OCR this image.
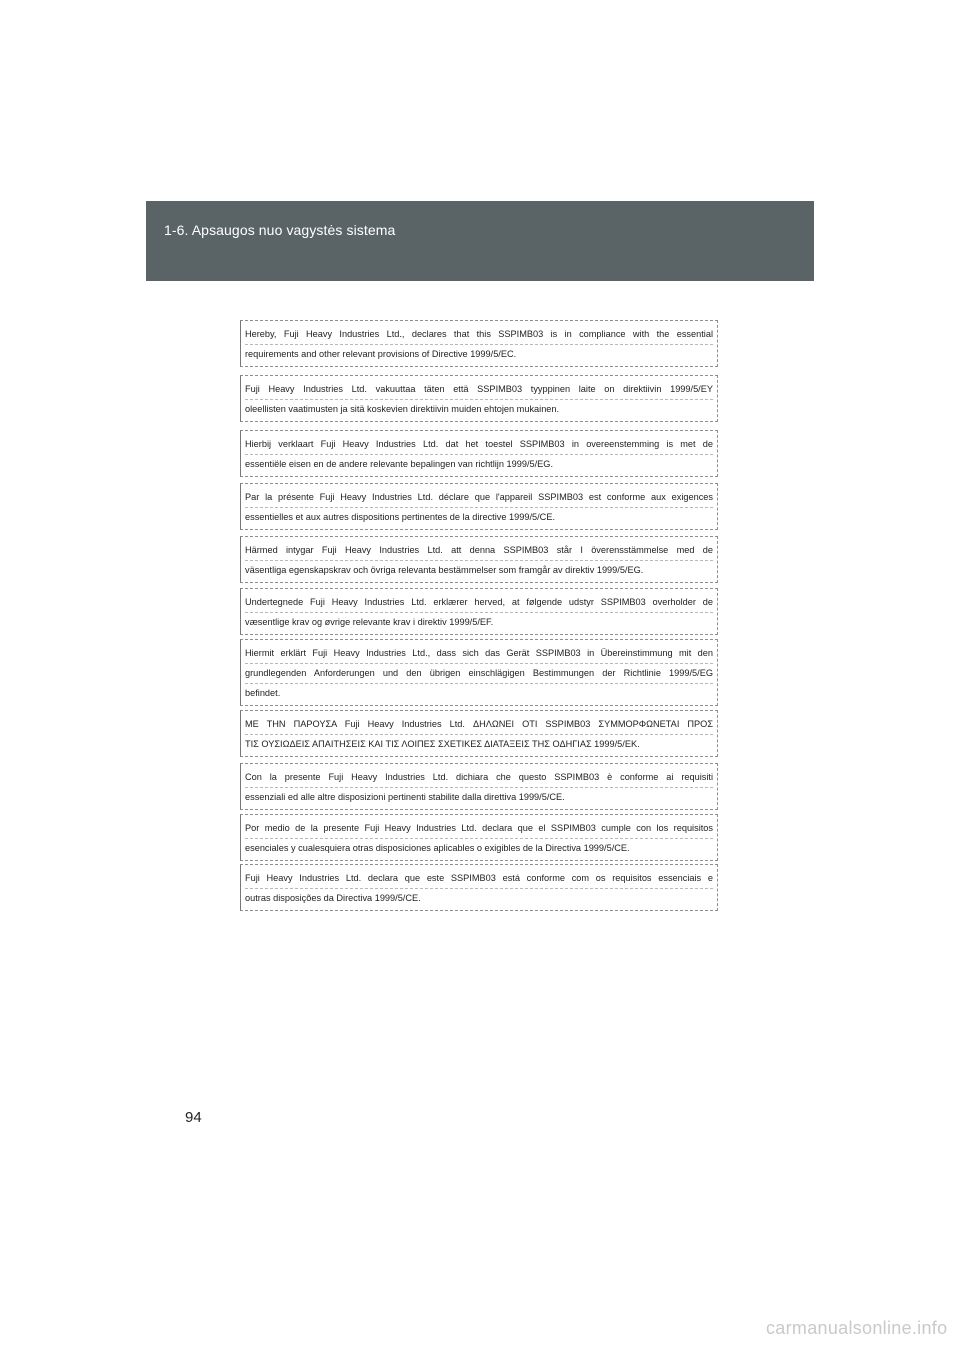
1-6. Apsaugos nuo vagystės sistema
Hereby, Fuji Heavy Industries Ltd., declares that this SSPIMB03 is in compliance with the essential
requirements and other relevant provisions of Directive 1999/5/EC.
Fuji Heavy Industries Ltd. vakuuttaa täten että SSPIMB03 tyyppinen laite on direktiivin 1999/5/EY
oleellisten vaatimusten ja sitä koskevien direktiivin muiden ehtojen mukainen.
Hierbij verklaart Fuji Heavy Industries Ltd. dat het toestel SSPIMB03 in overeenstemming is met de
essentiële eisen en de andere relevante bepalingen van richtlijn 1999/5/EG.
Par la présente Fuji Heavy Industries Ltd. déclare que l'appareil SSPIMB03 est conforme aux exigences
essentielles et aux autres dispositions pertinentes de la directive 1999/5/CE.
Härmed intygar Fuji Heavy Industries Ltd. att denna SSPIMB03 står I överensstämmelse med de
väsentliga egenskapskrav och övriga relevanta bestämmelser som framgår av direktiv 1999/5/EG.
Undertegnede Fuji Heavy Industries Ltd. erklærer herved, at følgende udstyr SSPIMB03 overholder de
væsentlige krav og øvrige relevante krav i direktiv 1999/5/EF.
Hiermit erklärt Fuji Heavy Industries Ltd., dass sich das Gerät SSPIMB03 in Übereinstimmung mit den
grundlegenden Anforderungen und den übrigen einschlägigen Bestimmungen der Richtlinie 1999/5/EG
befindet.
ΜΕ ΤΗΝ ΠΑΡΟΥΣΑ Fuji Heavy Industries Ltd. ΔΗΛΩΝΕΙ ΟΤΙ SSPIMB03 ΣΥΜΜΟΡΦΩΝΕΤΑΙ ΠΡΟΣ
ΤΙΣ ΟΥΣΙΩΔΕΙΣ ΑΠΑΙΤΗΣΕΙΣ ΚΑΙ ΤΙΣ ΛΟΙΠΕΣ ΣΧΕΤΙΚΕΣ ΔΙΑΤΑΞΕΙΣ ΤΗΣ ΟΔΗΓΙΑΣ 1999/5/ΕΚ.
Con la presente Fuji Heavy Industries Ltd. dichiara che questo SSPIMB03 è conforme ai requisiti
essenziali ed alle altre disposizioni pertinenti stabilite dalla direttiva 1999/5/CE.
Por medio de la presente Fuji Heavy Industries Ltd. declara que el SSPIMB03 cumple con los requisitos
esenciales y cualesquiera otras disposiciones aplicables o exigibles de la Directiva 1999/5/CE.
Fuji Heavy Industries Ltd. declara que este SSPIMB03 está conforme com os requisitos essenciais e
outras disposições da Directiva 1999/5/CE.
94
carmanualsonline.info
